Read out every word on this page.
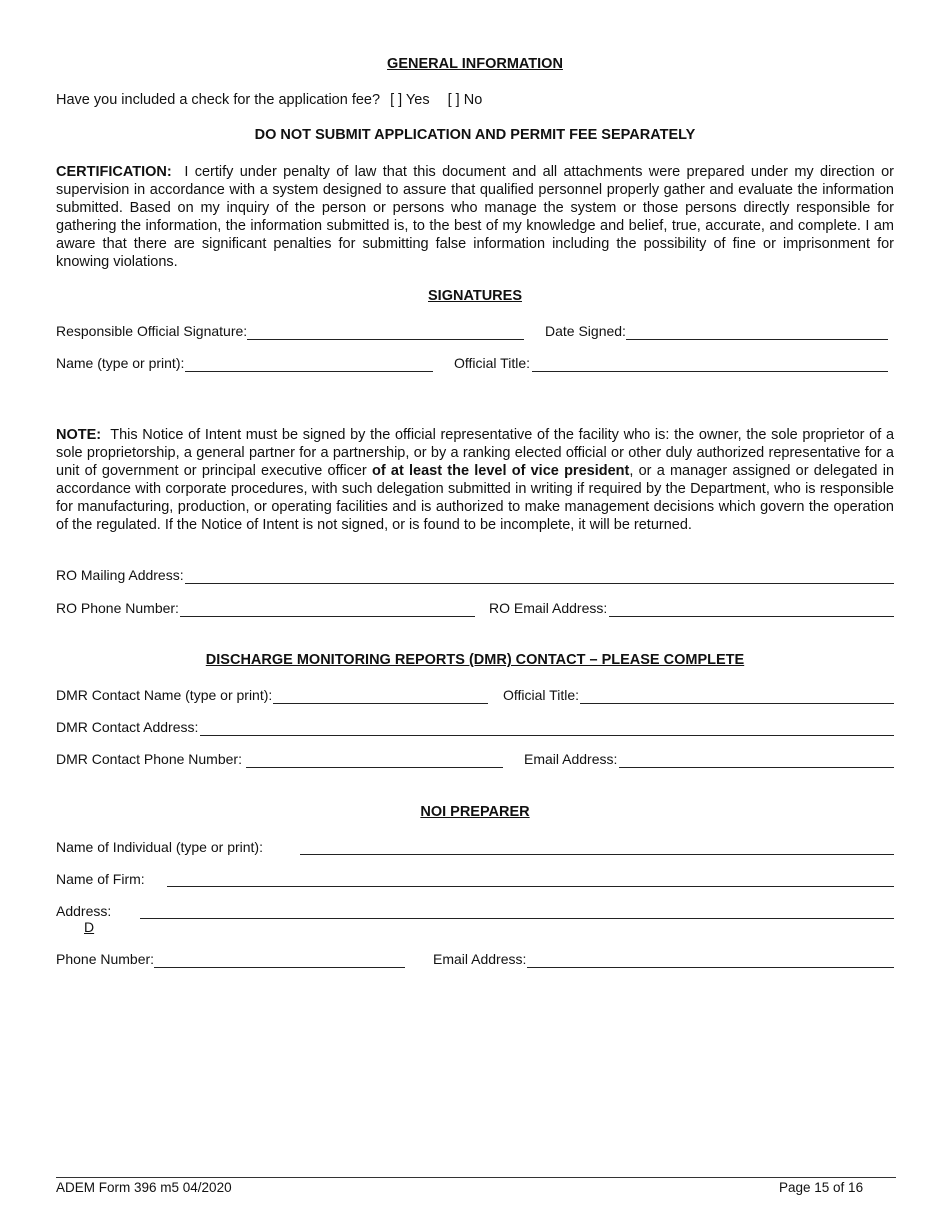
GENERAL INFORMATION
Have you included a check for the application fee? [ ] Yes [ ] No
DO NOT SUBMIT APPLICATION AND PERMIT FEE SEPARATELY
CERTIFICATION: I certify under penalty of law that this document and all attachments were prepared under my direction or supervision in accordance with a system designed to assure that qualified personnel properly gather and evaluate the information submitted. Based on my inquiry of the person or persons who manage the system or those persons directly responsible for gathering the information, the information submitted is, to the best of my knowledge and belief, true, accurate, and complete. I am aware that there are significant penalties for submitting false information including the possibility of fine or imprisonment for knowing violations.
SIGNATURES
Responsible Official Signature:	Date Signed:
Name (type or print):	Official Title:
NOTE: This Notice of Intent must be signed by the official representative of the facility who is: the owner, the sole proprietor of a sole proprietorship, a general partner for a partnership, or by a ranking elected official or other duly authorized representative for a unit of government or principal executive officer of at least the level of vice president, or a manager assigned or delegated in accordance with corporate procedures, with such delegation submitted in writing if required by the Department, who is responsible for manufacturing, production, or operating facilities and is authorized to make management decisions which govern the operation of the regulated. If the Notice of Intent is not signed, or is found to be incomplete, it will be returned.
RO Mailing Address:
RO Phone Number:	RO Email Address:
DISCHARGE MONITORING REPORTS (DMR) CONTACT – PLEASE COMPLETE
DMR Contact Name (type or print):	Official Title:
DMR Contact Address:
DMR Contact Phone Number:	Email Address:
NOI PREPARER
Name of Individual (type or print):
Name of Firm:
Address:
D
Phone Number:	Email Address:
ADEM Form 396 m5 04/2020	Page 15 of 16
